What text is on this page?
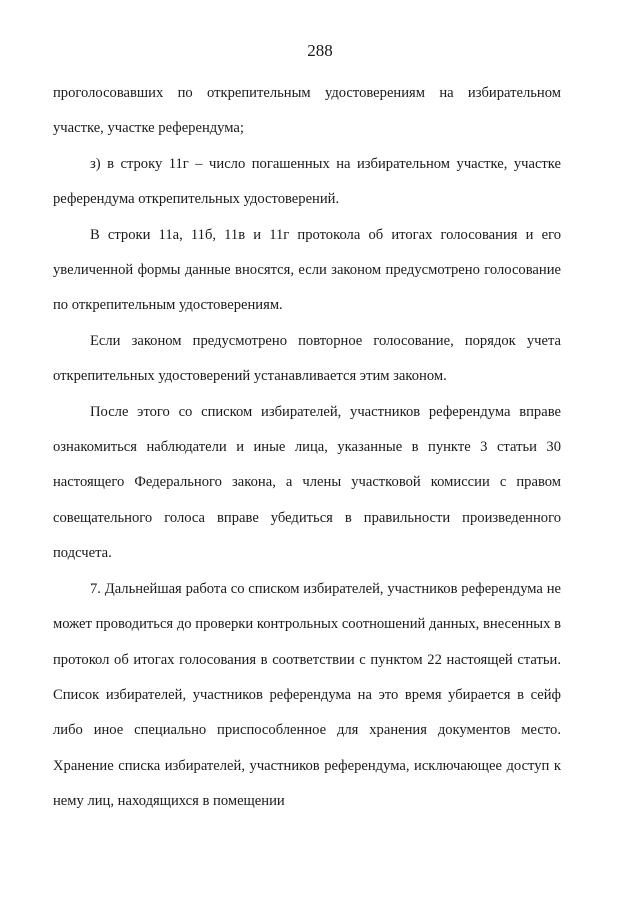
288

проголосовавших по открепительным удостоверениям на избирательном участке, участке референдума;

з) в строку 11г – число погашенных на избирательном участке, участке референдума открепительных удостоверений.

В строки 11а, 11б, 11в и 11г протокола об итогах голосования и его увеличенной формы данные вносятся, если законом предусмотрено голосование по открепительным удостоверениям.

Если законом предусмотрено повторное голосование, порядок учета открепительных удостоверений устанавливается этим законом.

После этого со списком избирателей, участников референдума вправе ознакомиться наблюдатели и иные лица, указанные в пункте 3 статьи 30 настоящего Федерального закона, а члены участковой комиссии с правом совещательного голоса вправе убедиться в правильности произведенного подсчета.

7. Дальнейшая работа со списком избирателей, участников референдума не может проводиться до проверки контрольных соотношений данных, внесенных в протокол об итогах голосования в соответствии с пунктом 22 настоящей статьи. Список избирателей, участников референдума на это время убирается в сейф либо иное специально приспособленное для хранения документов место. Хранение списка избирателей, участников референдума, исключающее доступ к нему лиц, находящихся в помещении
